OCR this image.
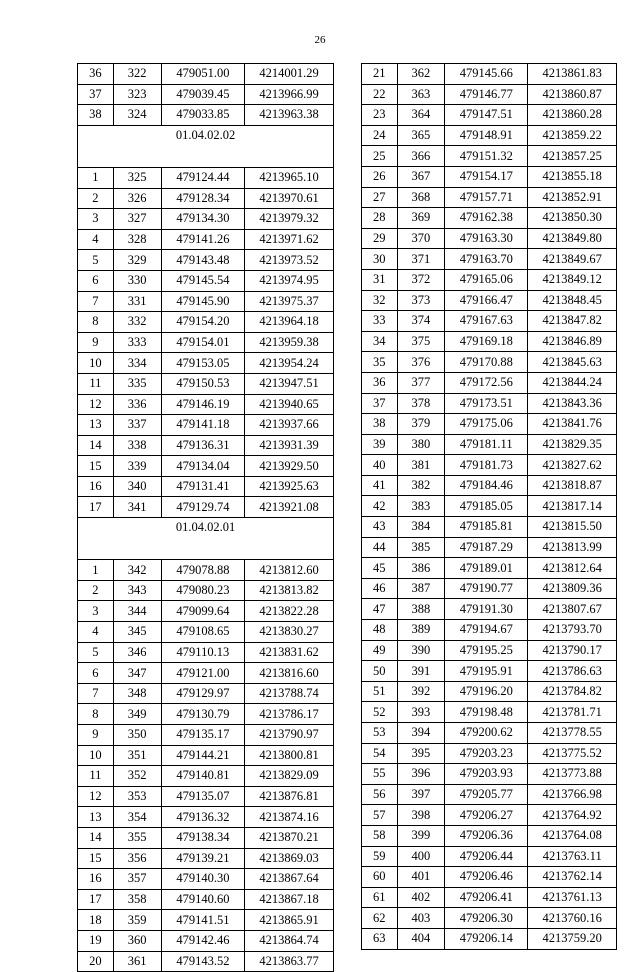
26
36	322	479051.00	4214001.29
37	323	479039.45	4213966.99
38	324	479033.85	4213963.38
01.04.02.02			
1	325	479124.44	4213965.10
2	326	479128.34	4213970.61
3	327	479134.30	4213979.32
4	328	479141.26	4213971.62
5	329	479143.48	4213973.52
6	330	479145.54	4213974.95
7	331	479145.90	4213975.37
8	332	479154.20	4213964.18
9	333	479154.01	4213959.38
10	334	479153.05	4213954.24
11	335	479150.53	4213947.51
12	336	479146.19	4213940.65
13	337	479141.18	4213937.66
14	338	479136.31	4213931.39
15	339	479134.04	4213929.50
16	340	479131.41	4213925.63
17	341	479129.74	4213921.08
01.04.02.01			
1	342	479078.88	4213812.60
2	343	479080.23	4213813.82
3	344	479099.64	4213822.28
4	345	479108.65	4213830.27
5	346	479110.13	4213831.62
6	347	479121.00	4213816.60
7	348	479129.97	4213788.74
8	349	479130.79	4213786.17
9	350	479135.17	4213790.97
10	351	479144.21	4213800.81
11	352	479140.81	4213829.09
12	353	479135.07	4213876.81
13	354	479136.32	4213874.16
14	355	479138.34	4213870.21
15	356	479139.21	4213869.03
16	357	479140.30	4213867.64
17	358	479140.60	4213867.18
18	359	479141.51	4213865.91
19	360	479142.46	4213864.74
20	361	479143.52	4213863.77
21	362	479145.66	4213861.83
22	363	479146.77	4213860.87
23	364	479147.51	4213860.28
24	365	479148.91	4213859.22
25	366	479151.32	4213857.25
26	367	479154.17	4213855.18
27	368	479157.71	4213852.91
28	369	479162.38	4213850.30
29	370	479163.30	4213849.80
30	371	479163.70	4213849.67
31	372	479165.06	4213849.12
32	373	479166.47	4213848.45
33	374	479167.63	4213847.82
34	375	479169.18	4213846.89
35	376	479170.88	4213845.63
36	377	479172.56	4213844.24
37	378	479173.51	4213843.36
38	379	479175.06	4213841.76
39	380	479181.11	4213829.35
40	381	479181.73	4213827.62
41	382	479184.46	4213818.87
42	383	479185.05	4213817.14
43	384	479185.81	4213815.50
44	385	479187.29	4213813.99
45	386	479189.01	4213812.64
46	387	479190.77	4213809.36
47	388	479191.30	4213807.67
48	389	479194.67	4213793.70
49	390	479195.25	4213790.17
50	391	479195.91	4213786.63
51	392	479196.20	4213784.82
52	393	479198.48	4213781.71
53	394	479200.62	4213778.55
54	395	479203.23	4213775.52
55	396	479203.93	4213773.88
56	397	479205.77	4213766.98
57	398	479206.27	4213764.92
58	399	479206.36	4213764.08
59	400	479206.44	4213763.11
60	401	479206.46	4213762.14
61	402	479206.41	4213761.13
62	403	479206.30	4213760.16
63	404	479206.14	4213759.20
